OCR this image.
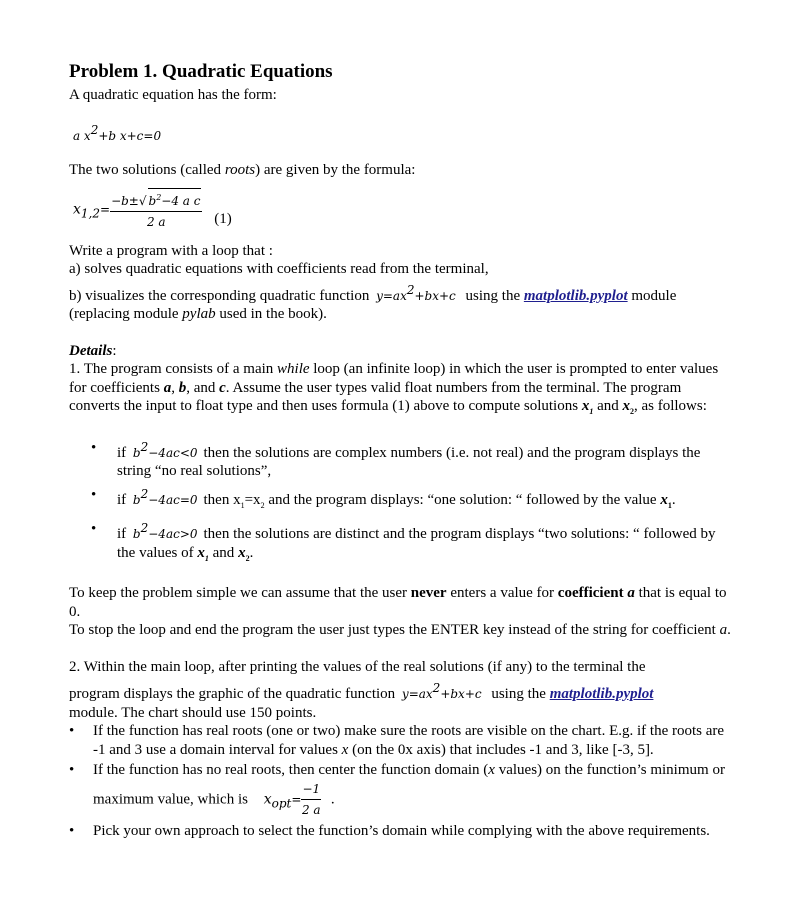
Problem 1. Quadratic Equations

A quadratic equation has the form:

a $x^2+b$ x+c=0

The two solutions (called roots) are given by the formula:

$x_{1,2}= \frac{-b\pm√ b^2-4 a c}{2 a} (1)$

Write a program with a loop that :

a) solves quadratic equations with coefficients read from the terminal,

b) visualizes the corresponding quadratic function $y=ax^2+bx+c$ using the matplotlib.pyplot module

(replacing module pylab used in the book).

Details:

1. The program consists of a main while loop (an infinite loop) in which the user is prompted to enter values for coefficients a, b, and c. Assume the user types valid float numbers from the terminal. The program converts the input to float type and then uses formula (1) above to compute solutions $x_1$ and $x_2$, as follows:

• if $b^2-4ac<0$ then the solutions are complex numbers (i.e. not real) and the program displays the string “no real solutions”,
• if $b^2-4ac=0$ then $x_1=x_2$ and the program displays: “one solution: “ followed by the value $x_1$.
• if $b^2-4ac>0$ then the solutions are distinct and the program displays “two solutions: “ followed by the values of $x_1$ and $x_2$.

To keep the problem simple we can assume that the user never enters a value for coefficient a that is equal to 0.

To stop the loop and end the program the user just types the ENTER key instead of the string for coefficient a.

2. Within the main loop, after printing the values of the real solutions (if any) to the terminal the

program displays the graphic of the quadratic function $y=ax^2+bx+c$ using the matplotlib.pyplot

module. The chart should use 150 points.

• If the function has real roots (one or two) make sure the roots are visible on the chart. E.g. if the roots are -1 and 3 use a domain interval for values x (on the 0x axis) that includes -1 and 3, like [-3, 5].
• If the function has no real roots, then center the function domain (x values) on the function’s minimum or maximum value, which is $x_{opt}= \frac{-1}{2 a}$ .
• Pick your own approach to select the function’s domain while complying with the above requirements.
